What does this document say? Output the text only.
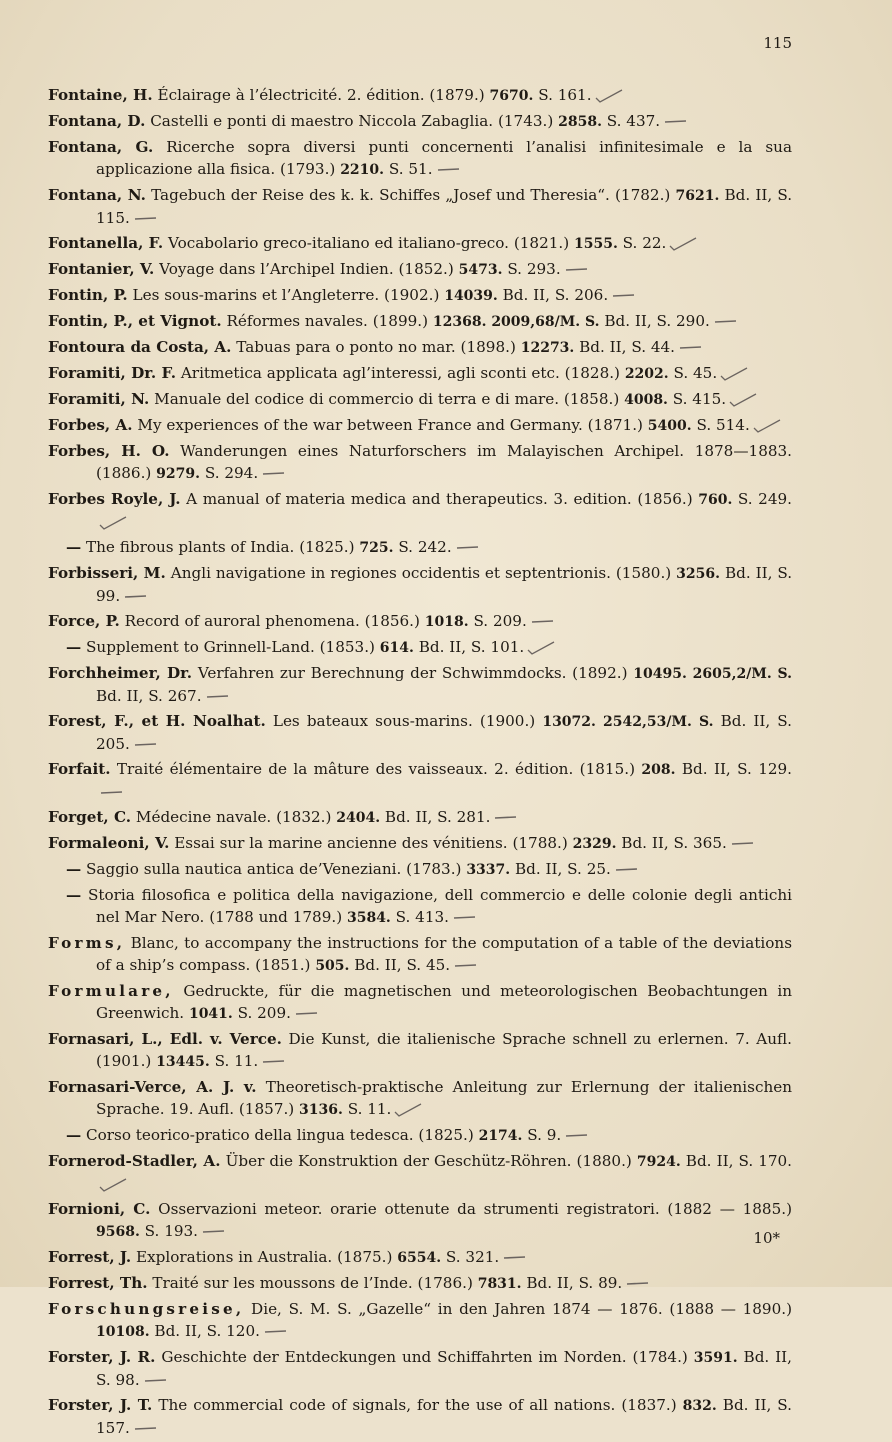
115
Fontaine, H. Éclairage à l’électricité. 2. édition. (1879.) 7670. S. 161.
Fontana, D. Castelli e ponti di maestro Niccola Zabaglia. (1743.) 2858. S. 437.
Fontana, G. Ricerche sopra diversi punti concernenti l’analisi infinitesimale e la sua applicazione alla fisica. (1793.) 2210. S. 51.
Fontana, N. Tagebuch der Reise des k. k. Schiffes „Josef und Theresia“. (1782.) 7621. Bd. II, S. 115.
Fontanella, F. Vocabolario greco-italiano ed italiano-greco. (1821.) 1555. S. 22.
Fontanier, V. Voyage dans l’Archipel Indien. (1852.) 5473. S. 293.
Fontin, P. Les sous-marins et l’Angleterre. (1902.) 14039. Bd. II, S. 206.
Fontin, P., et Vignot. Réformes navales. (1899.) 12368. 2009,68/M. S. Bd. II, S. 290.
Fontoura da Costa, A. Tabuas para o ponto no mar. (1898.) 12273. Bd. II, S. 44.
Foramiti, Dr. F. Aritmetica applicata agl’interessi, agli sconti etc. (1828.) 2202. S. 45.
Foramiti, N. Manuale del codice di commercio di terra e di mare. (1858.) 4008. S. 415.
Forbes, A. My experiences of the war between France and Germany. (1871.) 5400. S. 514.
Forbes, H. O. Wanderungen eines Naturforschers im Malayischen Archipel. 1878—1883. (1886.) 9279. S. 294.
Forbes Royle, J. A manual of materia medica and therapeutics. 3. edition. (1856.) 760. S. 249.
— The fibrous plants of India. (1825.) 725. S. 242.
Forbisseri, M. Angli navigatione in regiones occidentis et septentrionis. (1580.) 3256. Bd. II, S. 99.
Force, P. Record of auroral phenomena. (1856.) 1018. S. 209.
— Supplement to Grinnell-Land. (1853.) 614. Bd. II, S. 101.
Forchheimer, Dr. Verfahren zur Berechnung der Schwimmdocks. (1892.) 10495. 2605,2/M. S. Bd. II, S. 267.
Forest, F., et H. Noalhat. Les bateaux sous-marins. (1900.) 13072. 2542,53/M. S. Bd. II, S. 205.
Forfait. Traité élémentaire de la mâture des vaisseaux. 2. édition. (1815.) 208. Bd. II, S. 129.
Forget, C. Médecine navale. (1832.) 2404. Bd. II, S. 281.
Formaleoni, V. Essai sur la marine ancienne des vénitiens. (1788.) 2329. Bd. II, S. 365.
— Saggio sulla nautica antica de’Veneziani. (1783.) 3337. Bd. II, S. 25.
— Storia filosofica e politica della navigazione, dell commercio e delle colonie degli antichi nel Mar Nero. (1788 und 1789.) 3584. S. 413.
Forms, Blanc, to accompany the instructions for the computation of a table of the deviations of a ship’s compass. (1851.) 505. Bd. II, S. 45.
Formulare, Gedruckte, für die magnetischen und meteorologischen Beobachtungen in Greenwich. 1041. S. 209.
Fornasari, L., Edl. v. Verce. Die Kunst, die italienische Sprache schnell zu erlernen. 7. Aufl. (1901.) 13445. S. 11.
Fornasari-Verce, A. J. v. Theoretisch-praktische Anleitung zur Erlernung der italienischen Sprache. 19. Aufl. (1857.) 3136. S. 11.
— Corso teorico-pratico della lingua tedesca. (1825.) 2174. S. 9.
Fornerod-Stadler, A. Über die Konstruktion der Geschütz-Röhren. (1880.) 7924. Bd. II, S. 170.
Fornioni, C. Osservazioni meteor. orarie ottenute da strumenti registratori. (1882 — 1885.) 9568. S. 193.
Forrest, J. Explorations in Australia. (1875.) 6554. S. 321.
Forrest, Th. Traité sur les moussons de l’Inde. (1786.) 7831. Bd. II, S. 89.
Forschungsreise, Die, S. M. S. „Gazelle“ in den Jahren 1874 — 1876. (1888 — 1890.) 10108. Bd. II, S. 120.
Forster, J. R. Geschichte der Entdeckungen und Schiffahrten im Norden. (1784.) 3591. Bd. II, S. 98.
Forster, J. T. The commercial code of signals, for the use of all nations. (1837.) 832. Bd. II, S. 157.
10*
